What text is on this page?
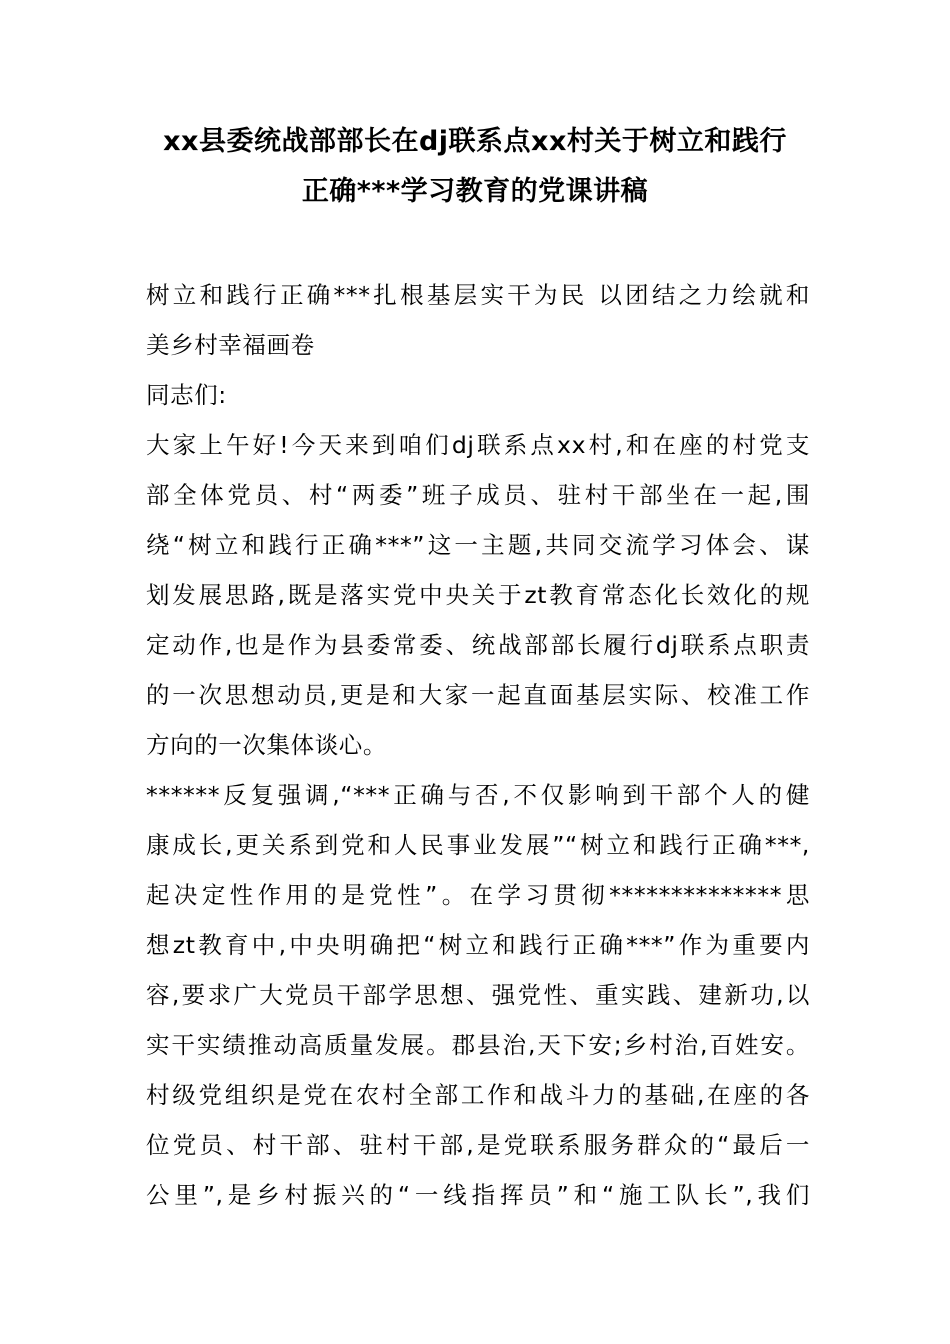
xx县委统战部部长在dj联系点xx村关于树立和践行
正确***学习教育的党课讲稿
树立和践行正确***扎根基层实干为民 以团结之力绘就和
美乡村幸福画卷
同志们:
大家上午好!今天来到咱们dj联系点xx村,和在座的村党支
部全体党员、村“两委”班子成员、驻村干部坐在一起,围
绕“树立和践行正确***”这一主题,共同交流学习体会、谋
划发展思路,既是落实党中央关于zt教育常态化长效化的规
定动作,也是作为县委常委、统战部部长履行dj联系点职责
的一次思想动员,更是和大家一起直面基层实际、校准工作
方向的一次集体谈心。
******反复强调,“***正确与否,不仅影响到干部个人的健
康成长,更关系到党和人民事业发展”“树立和践行正确***,
起决定性作用的是党性”。在学习贯彻**************思
想zt教育中,中央明确把“树立和践行正确***”作为重要内
容,要求广大党员干部学思想、强党性、重实践、建新功,以
实干实绩推动高质量发展。郡县治,天下安;乡村治,百姓安。
村级党组织是党在农村全部工作和战斗力的基础,在座的各
位党员、村干部、驻村干部,是党联系服务群众的“最后一
公里”,是乡村振兴的“一线指挥员”和“施工队长”,我们
